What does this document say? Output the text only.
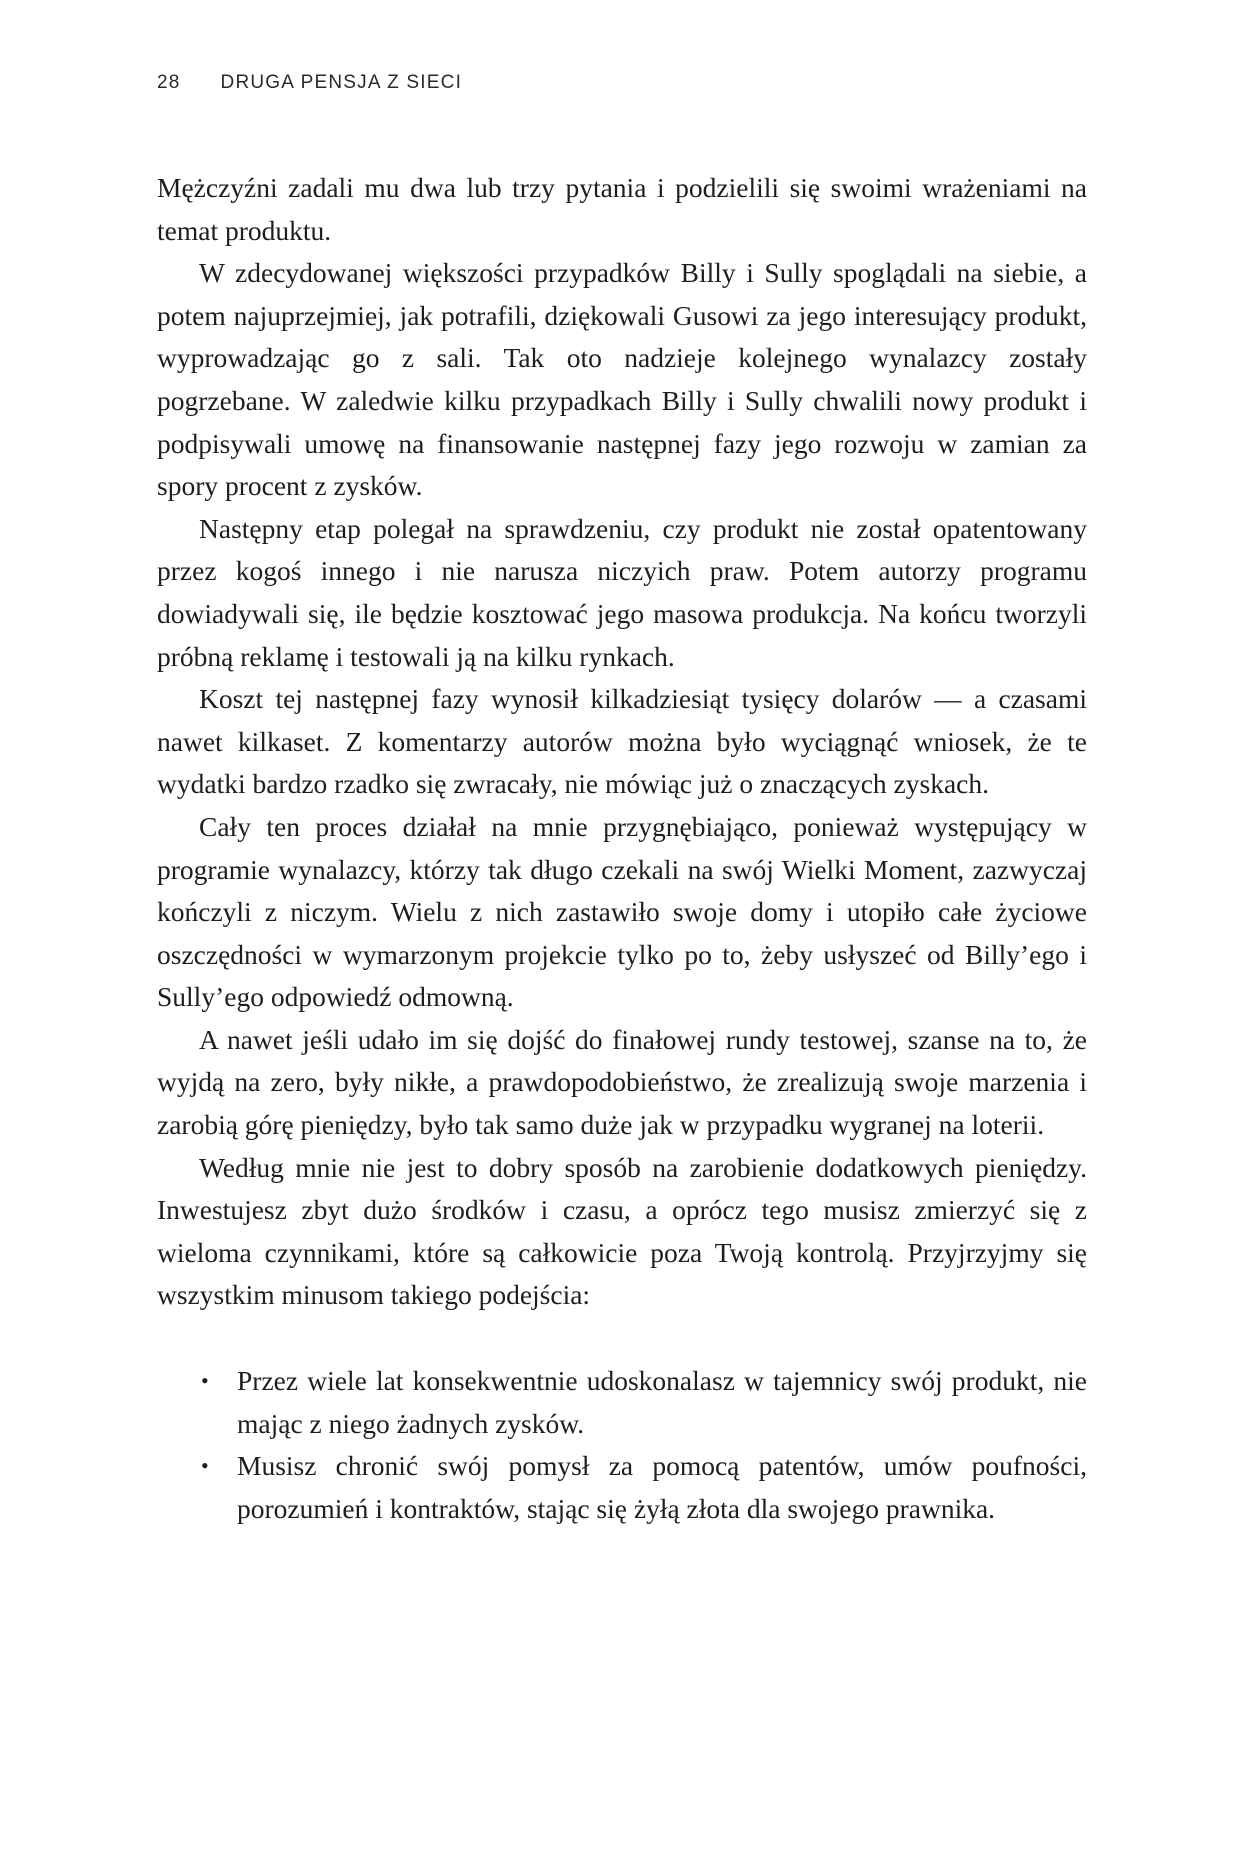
28 DRUGA PENSJA Z SIECI

Mężczyźni zadali mu dwa lub trzy pytania i podzielili się swoimi wrażeniami na temat produktu.

W zdecydowanej większości przypadków Billy i Sully spoglądali na siebie, a potem najuprzejmiej, jak potrafili, dziękowali Gusowi za jego interesujący produkt, wyprowadzając go z sali. Tak oto nadzieje kolejnego wynalazcy zostały pogrzebane. W zaledwie kilku przypadkach Billy i Sully chwalili nowy produkt i podpisywali umowę na finansowanie następnej fazy jego rozwoju w zamian za spory procent z zysków.

Następny etap polegał na sprawdzeniu, czy produkt nie został opatentowany przez kogoś innego i nie narusza niczyich praw. Potem autorzy programu dowiadywali się, ile będzie kosztować jego masowa produkcja. Na końcu tworzyli próbną reklamę i testowali ją na kilku rynkach.

Koszt tej następnej fazy wynosił kilkadziesiąt tysięcy dolarów — a czasami nawet kilkaset. Z komentarzy autorów można było wyciągnąć wniosek, że te wydatki bardzo rzadko się zwracały, nie mówiąc już o znaczących zyskach.

Cały ten proces działał na mnie przygnębiająco, ponieważ występujący w programie wynalazcy, którzy tak długo czekali na swój Wielki Moment, zazwyczaj kończyli z niczym. Wielu z nich zastawiło swoje domy i utopiło całe życiowe oszczędności w wymarzonym projekcie tylko po to, żeby usłyszeć od Billy’ego i Sully’ego odpowiedź odmowną.

A nawet jeśli udało im się dojść do finałowej rundy testowej, szanse na to, że wyjdą na zero, były nikłe, a prawdopodobieństwo, że zrealizują swoje marzenia i zarobią górę pieniędzy, było tak samo duże jak w przypadku wygranej na loterii.

Według mnie nie jest to dobry sposób na zarobienie dodatkowych pieniędzy. Inwestujesz zbyt dużo środków i czasu, a oprócz tego musisz zmierzyć się z wieloma czynnikami, które są całkowicie poza Twoją kontrolą. Przyjrzyjmy się wszystkim minusom takiego podejścia:

• Przez wiele lat konsekwentnie udoskonalasz w tajemnicy swój produkt, nie mając z niego żadnych zysków.
• Musisz chronić swój pomysł za pomocą patentów, umów poufności, porozumień i kontraktów, stając się żyłą złota dla swojego prawnika.
